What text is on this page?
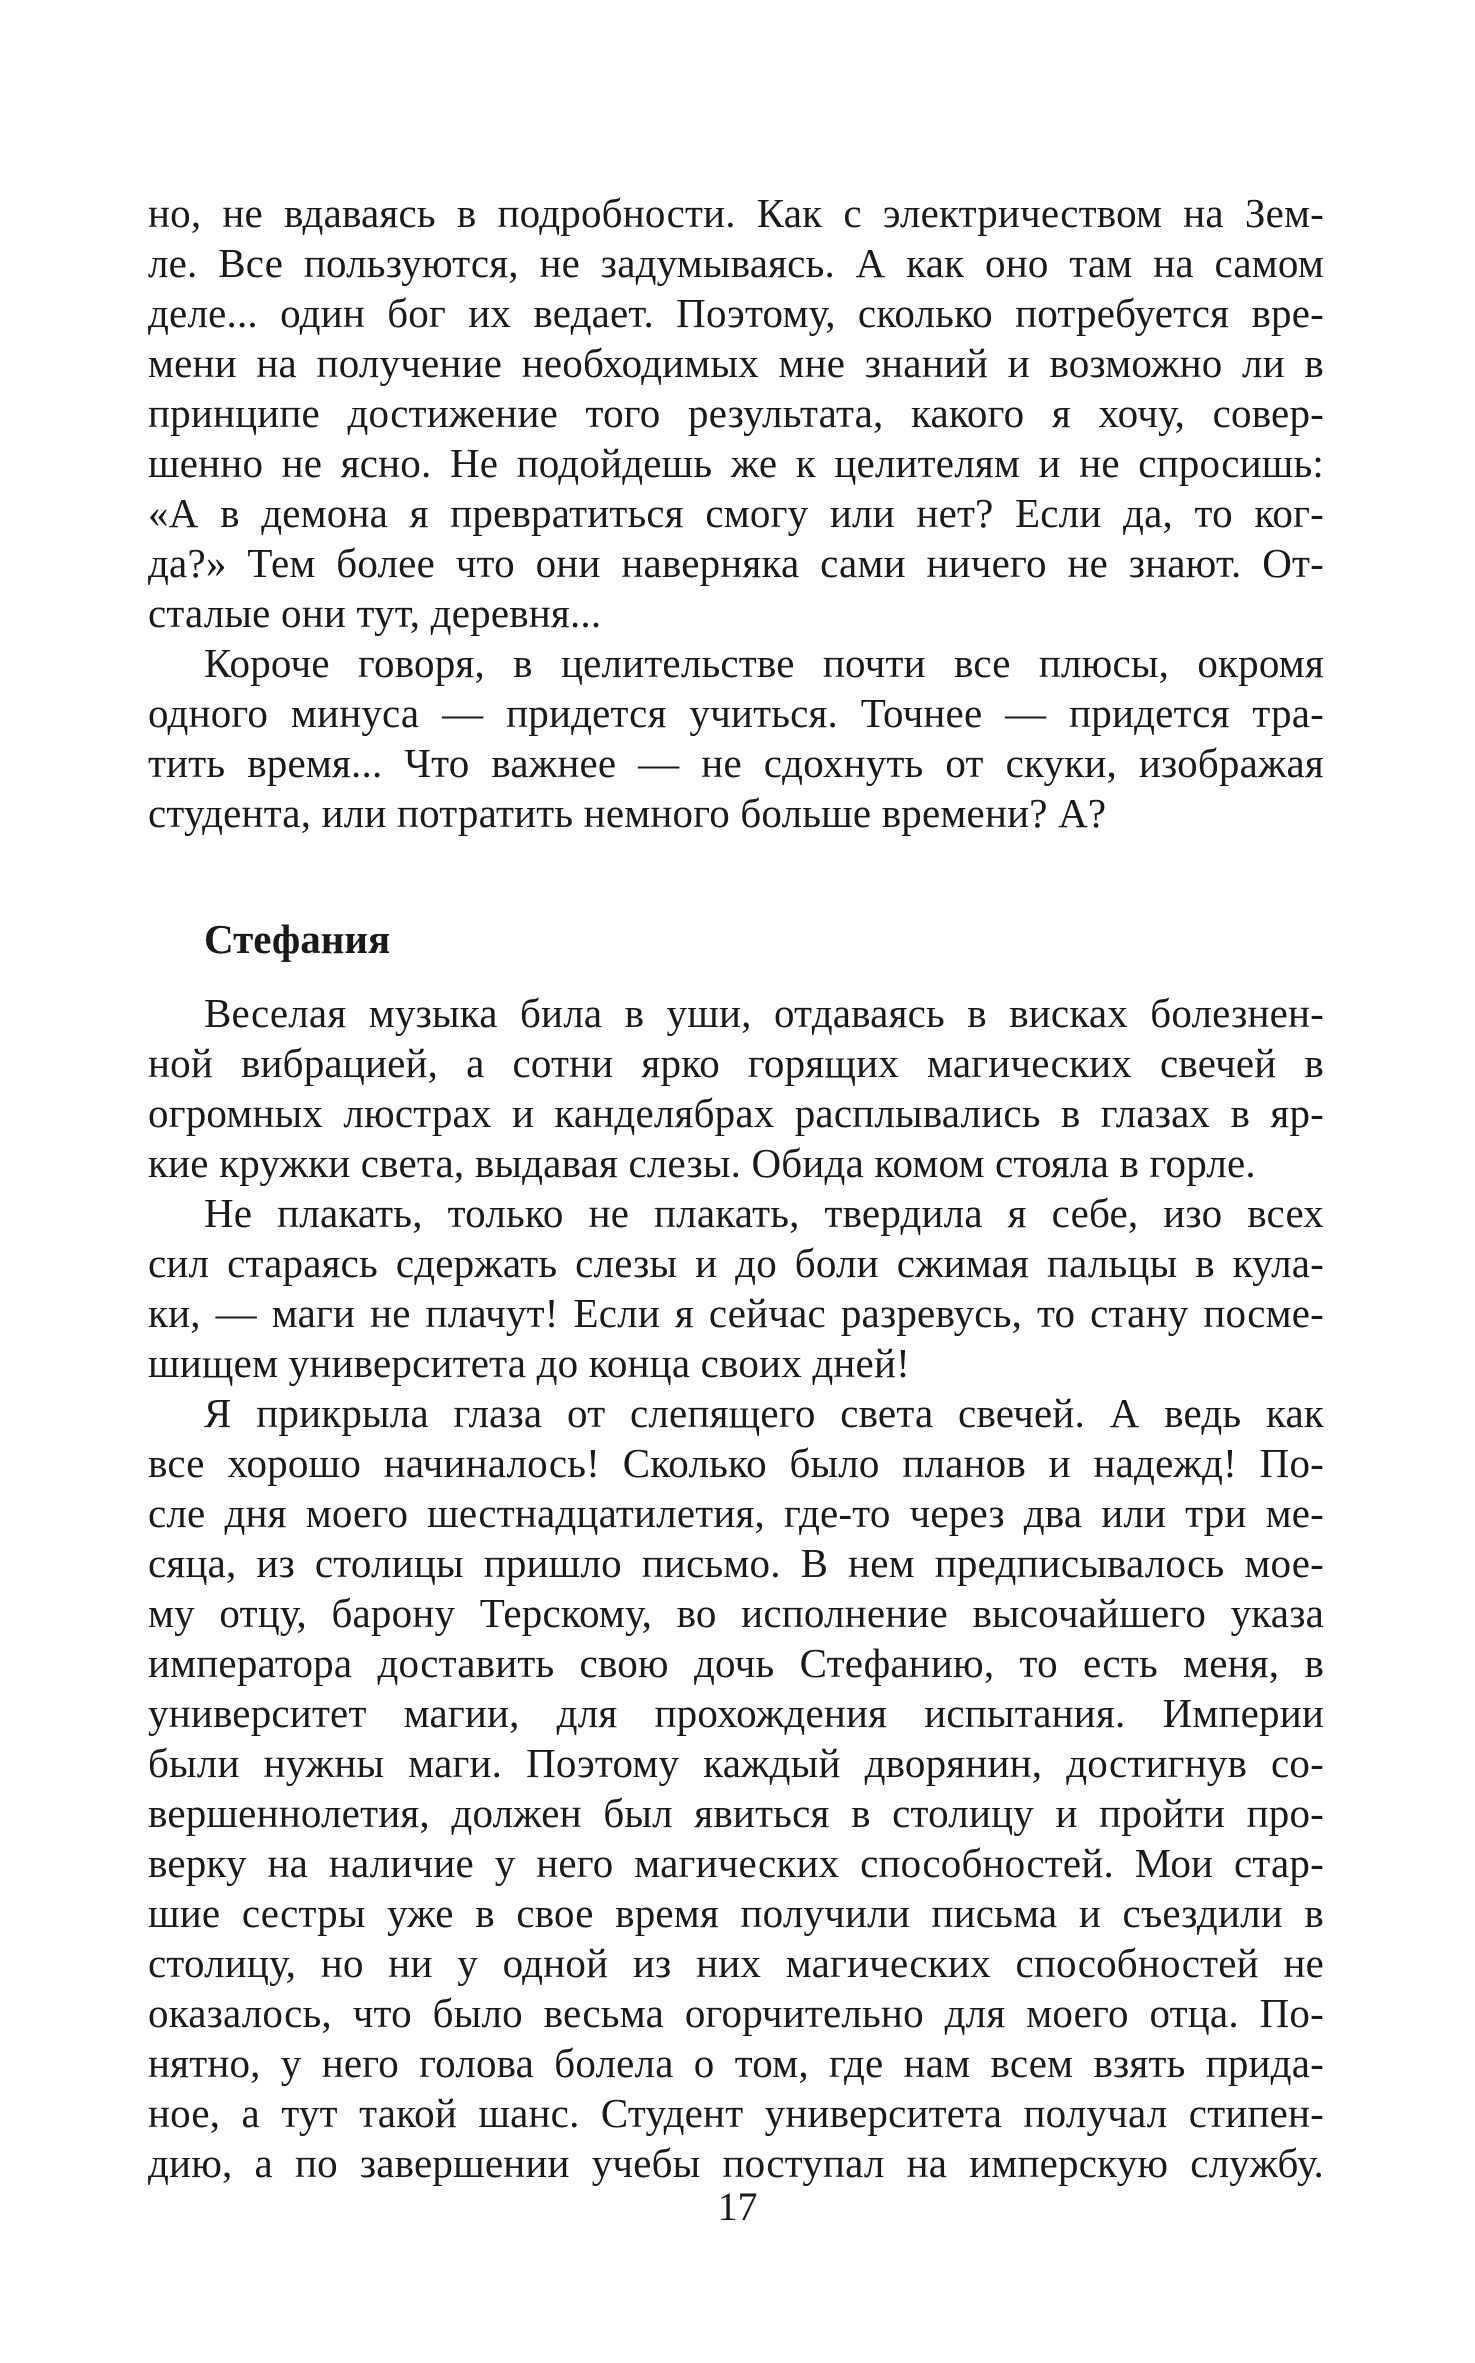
но, не вдаваясь в подробности. Как с электричеством на Зем-
ле. Все пользуются, не задумываясь. А как оно там на самом
деле... один бог их ведает. Поэтому, сколько потребуется вре-
мени на получение необходимых мне знаний и возможно ли в
принципе достижение того результата, какого я хочу, совер-
шенно не ясно. Не подойдешь же к целителям и не спросишь:
«А в демона я превратиться смогу или нет? Если да, то ког-
да?» Тем более что они наверняка сами ничего не знают. От-
сталые они тут, деревня...
Короче говоря, в целительстве почти все плюсы, окромя
одного минуса — придется учиться. Точнее — придется тра-
тить время... Что важнее — не сдохнуть от скуки, изображая
студента, или потратить немного больше времени? А?
Стефания
Веселая музыка била в уши, отдаваясь в висках болезнен-
ной вибрацией, а сотни ярко горящих магических свечей в
огромных люстрах и канделябрах расплывались в глазах в яр-
кие кружки света, выдавая слезы. Обида комом стояла в горле.
Не плакать, только не плакать, твердила я себе, изо всех
сил стараясь сдержать слезы и до боли сжимая пальцы в кула-
ки, — маги не плачут! Если я сейчас разревусь, то стану посме-
шищем университета до конца своих дней!
Я прикрыла глаза от слепящего света свечей. А ведь как
все хорошо начиналось! Сколько было планов и надежд! По-
сле дня моего шестнадцатилетия, где-то через два или три ме-
сяца, из столицы пришло письмо. В нем предписывалось мое-
му отцу, барону Терскому, во исполнение высочайшего указа
императора доставить свою дочь Стефанию, то есть меня, в
университет магии, для прохождения испытания. Империи
были нужны маги. Поэтому каждый дворянин, достигнув со-
вершеннолетия, должен был явиться в столицу и пройти про-
верку на наличие у него магических способностей. Мои стар-
шие сестры уже в свое время получили письма и съездили в
столицу, но ни у одной из них магических способностей не
оказалось, что было весьма огорчительно для моего отца. По-
нятно, у него голова болела о том, где нам всем взять прида-
ное, а тут такой шанс. Студент университета получал стипен-
дию, а по завершении учебы поступал на имперскую службу.
17
